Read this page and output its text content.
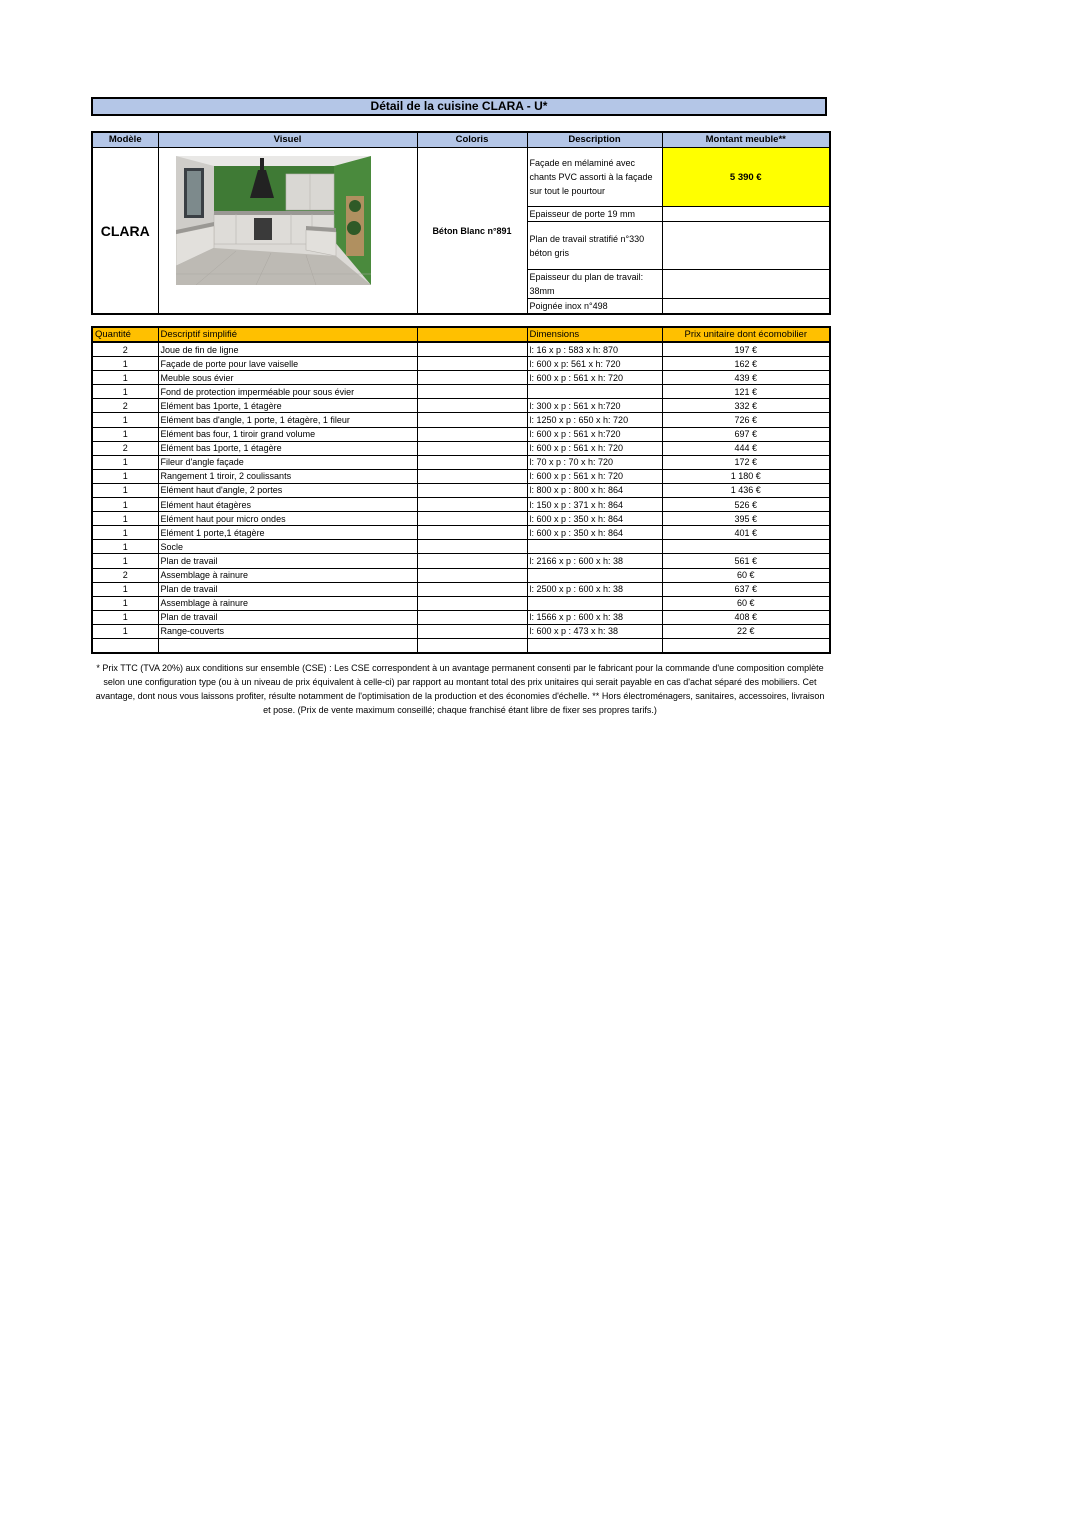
Détail de la cuisine CLARA - U*
Modèle	Visuel	Coloris	Description	Montant meuble**
CLARA		Béton Blanc n°891	Façade en mélaminé avec chants PVC assorti à la façade sur tout le pourtour	5 390 €
			Epaisseur de porte 19 mm	
			Plan de travail stratifié n°330 béton gris	
			Epaisseur du plan de travail: 38mm	
			Poignée inox n°498	
Quantité	Descriptif simplifié		Dimensions	Prix unitaire dont écomobilier
2	Joue de fin de ligne		l: 16 x p : 583 x h: 870	197 €
1	Façade de porte pour lave vaiselle		l: 600 x p: 561 x h: 720	162 €
1	Meuble sous évier		l: 600 x p : 561 x h: 720	439 €
1	Fond de protection imperméable pour sous évier			121 €
2	Elément bas 1porte, 1 étagère		l: 300 x p : 561 x h:720	332 €
1	Elément bas d'angle, 1 porte, 1 étagère, 1 fileur		l: 1250 x p : 650 x h: 720	726 €
1	Elément bas four, 1 tiroir grand volume		l: 600 x p : 561 x h:720	697 €
2	Elément bas 1porte, 1 étagère		l: 600 x p : 561 x h: 720	444 €
1	Fileur d'angle façade		l: 70 x p : 70 x h: 720	172 €
1	Rangement 1 tiroir, 2 coulissants		l: 600 x p : 561 x h: 720	1 180 €
1	Elément haut d'angle, 2 portes		l: 800 x p : 800 x h: 864	1 436 €
1	Elément haut étagères		l: 150 x p : 371 x h: 864	526 €
1	Elément haut pour micro ondes		l: 600 x p : 350 x h: 864	395 €
1	Elément 1 porte,1 étagère		l: 600 x p : 350 x h: 864	401 €
1	Socle			
1	Plan de travail		l: 2166 x p : 600 x h: 38	561 €
2	Assemblage à rainure			60 €
1	Plan de travail		l: 2500 x p : 600 x h: 38	637 €
1	Assemblage à rainure			60 €
1	Plan de travail		l: 1566 x p : 600 x h: 38	408 €
1	Range-couverts		l: 600 x p : 473 x h: 38	22 €

* Prix TTC (TVA 20%) aux conditions sur ensemble (CSE) : Les CSE correspondent à un avantage permanent consenti par le fabricant pour la commande d'une composition complète selon une configuration type (ou à un niveau de prix équivalent à celle-ci) par rapport au montant total des prix unitaires qui serait payable en cas d'achat séparé des mobiliers. Cet avantage, dont nous vous laissons profiter, résulte notamment de l'optimisation de la production et des économies d'échelle. ** Hors électroménagers, sanitaires, accessoires, livraison et pose. (Prix de vente maximum conseillé; chaque franchisé étant libre de fixer ses propres tarifs.)
